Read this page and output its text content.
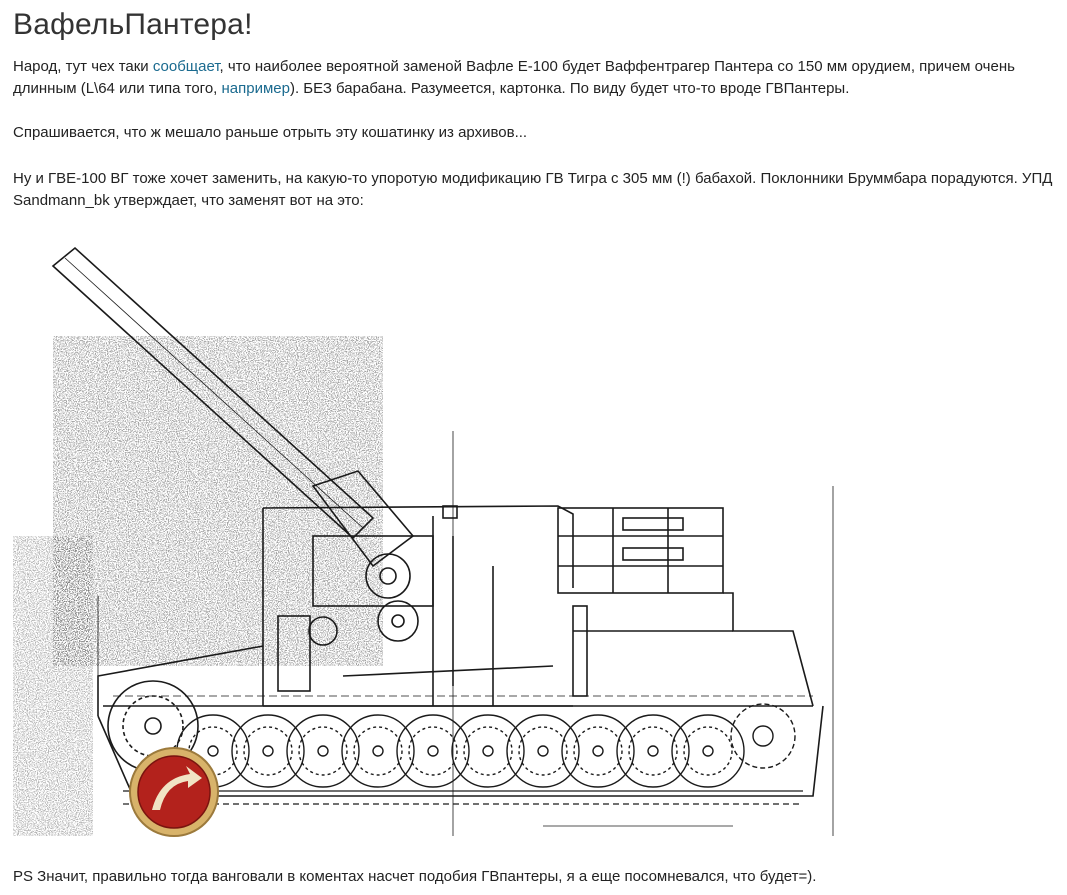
ВафельПантера!

Народ, тут чех таки сообщает, что наиболее вероятной заменой Вафле Е-100 будет Ваффентрагер Пантера со 150 мм орудием, причем очень длинным (L\64 или типа того, например). БЕЗ барабана. Разумеется, картонка. По виду будет что-то вроде ГВПантеры.

Спрашивается, что ж мешало раньше отрыть эту кошатинку из архивов...

Ну и ГВЕ-100 ВГ тоже хочет заменить, на какую-то упоротую модификацию ГВ Тигра с 305 мм (!) бабахой. Поклонники Бруммбара порадуются. УПД Sandmann_bk утверждает, что заменят вот на это:

PS Значит, правильно тогда ванговали в коментах насчет подобия ГВпантеры, я а еще посомневался, что будет=).
